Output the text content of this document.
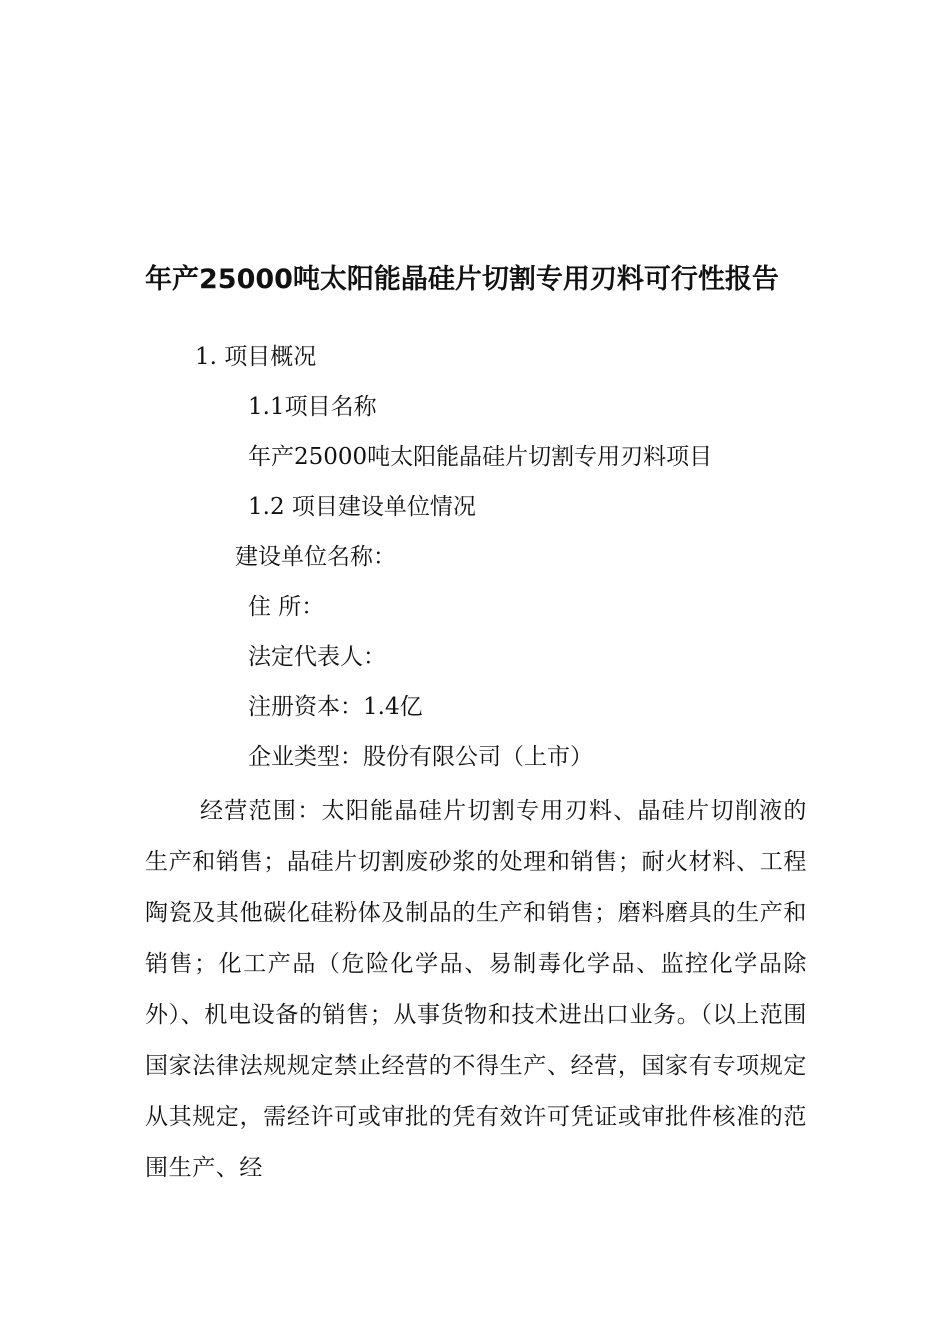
年产25000吨太阳能晶硅片切割专用刃料可行性报告
1. 项目概况
1.1项目名称
年产25000吨太阳能晶硅片切割专用刃料项目
1.2 项目建设单位情况
建设单位名称：
住 所：
法定代表人：
注册资本：1.4亿
企业类型：股份有限公司（上市）
经营范围：太阳能晶硅片切割专用刃料、晶硅片切削液的生产和销售；晶硅片切割废砂浆的处理和销售；耐火材料、工程陶瓷及其他碳化硅粉体及制品的生产和销售；磨料磨具的生产和销售；化工产品（危险化学品、易制毒化学品、监控化学品除外）、机电设备的销售；从事货物和技术进出口业务。（以上范围国家法律法规规定禁止经营的不得生产、经营，国家有专项规定从其规定，需经许可或审批的凭有效许可凭证或审批件核准的范围生产、经
